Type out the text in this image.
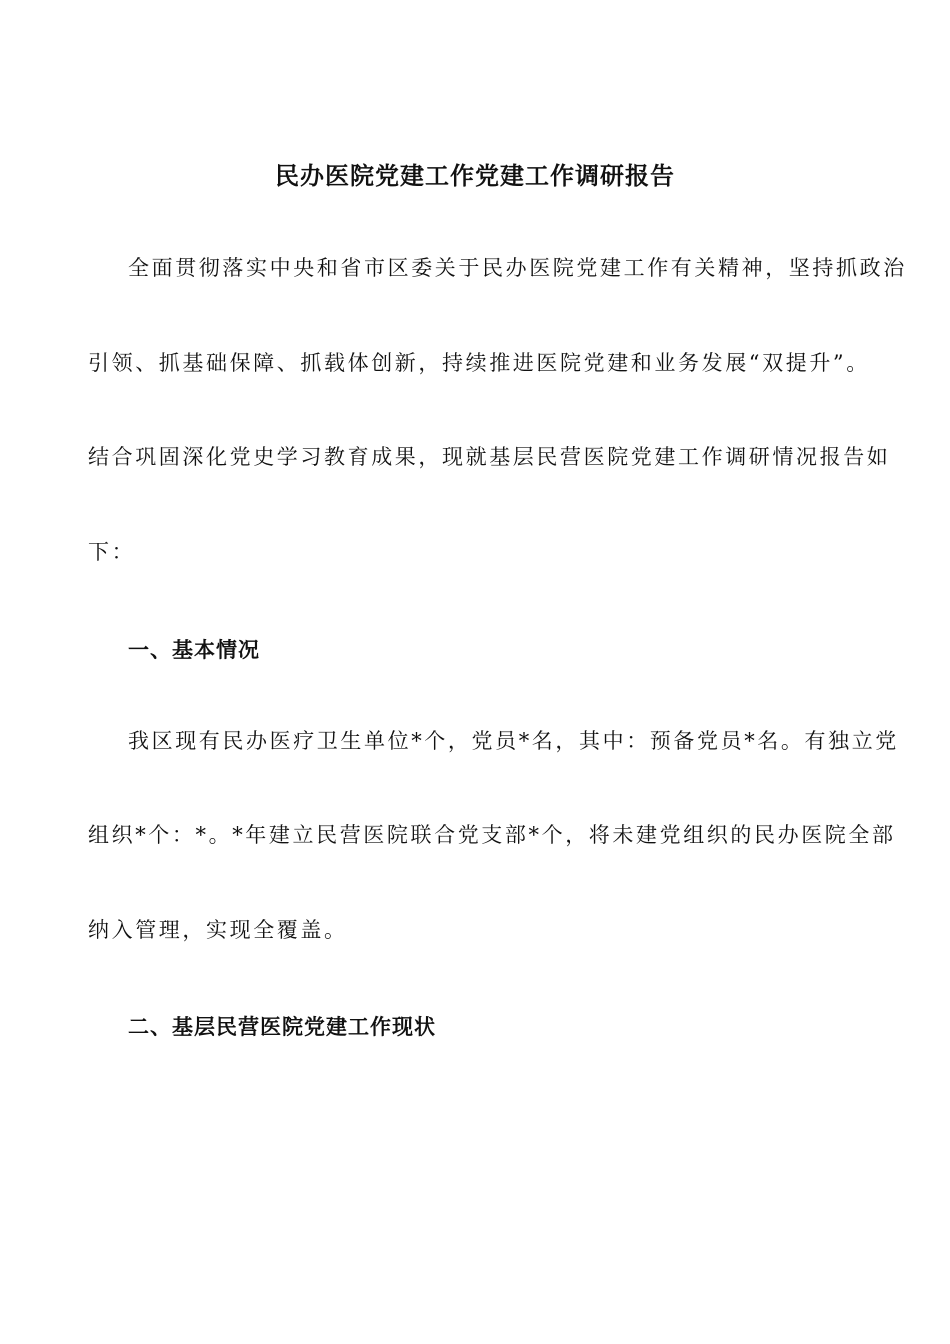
民办医院党建工作党建工作调研报告
全面贯彻落实中央和省市区委关于民办医院党建工作有关精神，坚持抓政治
引领、抓基础保障、抓载体创新，持续推进医院党建和业务发展“双提升”。
结合巩固深化党史学习教育成果，现就基层民营医院党建工作调研情况报告如
下：
一、基本情况
我区现有民办医疗卫生单位*个，党员*名，其中：预备党员*名。有独立党
组织*个：*。*年建立民营医院联合党支部*个，将未建党组织的民办医院全部
纳入管理，实现全覆盖。
二、基层民营医院党建工作现状
